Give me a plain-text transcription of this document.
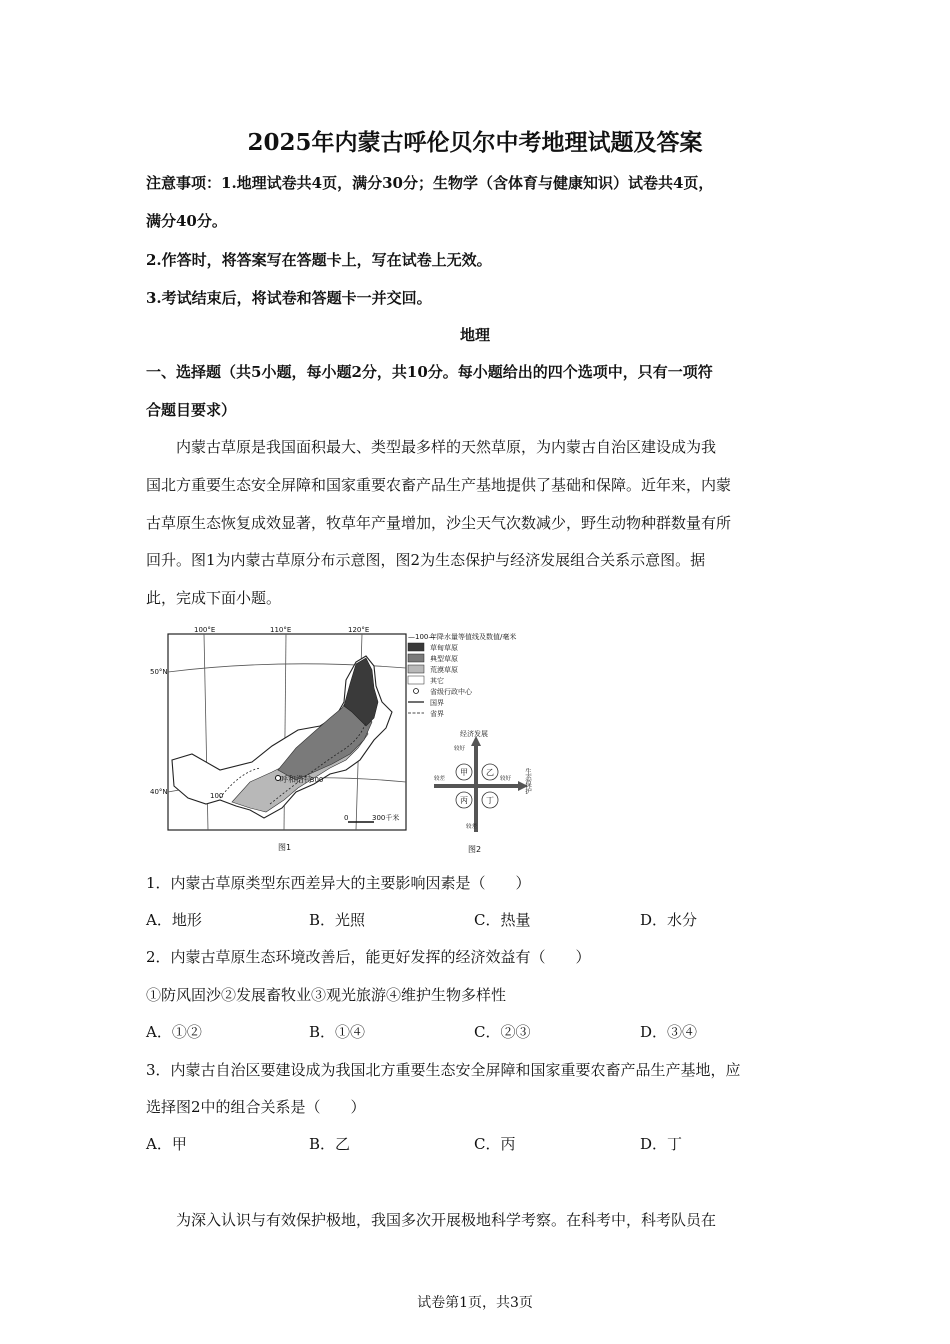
2025年内蒙古呼伦贝尔中考地理试题及答案
注意事项：1.地理试卷共4页，满分30分；生物学（含体育与健康知识）试卷共4页，
满分40分。
2.作答时，将答案写在答题卡上，写在试卷上无效。
3.考试结束后，将试卷和答题卡一并交回。
地理
一、选择题（共5小题，每小题2分，共10分。每小题给出的四个选项中，只有一项符
合题目要求）
内蒙古草原是我国面积最大、类型最多样的天然草原，为内蒙古自治区建设成为我
国北方重要生态安全屏障和国家重要农畜产品生产基地提供了基础和保障。近年来，内蒙
古草原生态恢复成效显著，牧草年产量增加，沙尘天气次数减少，野生动物种群数量有所
回升。图1为内蒙古草原分布示意图，图2为生态保护与经济发展组合关系示意图。据
此，完成下面小题。
呼和浩特
100
300
100°E	110°E	120°E
50°N
40°N
0	300千米
图1
—100—
年降水量等值线及数值/毫米
草甸草原
典型草原
荒漠草原
其它
省级行政中心
国界
省界
经济发展
较好
较差
较差	较好 生态保护
甲 乙
丙 丁
图2
1．内蒙古草原类型东西差异大的主要影响因素是（　　）
A．地形	B．光照	C．热量	D．水分
2．内蒙古草原生态环境改善后，能更好发挥的经济效益有（　　）
①防风固沙②发展畜牧业③观光旅游④维护生物多样性
A．①②	B．①④	C．②③	D．③④
3．内蒙古自治区要建设成为我国北方重要生态安全屏障和国家重要农畜产品生产基地，应
选择图2中的组合关系是（　　）
A．甲	B．乙	C．丙	D．丁
为深入认识与有效保护极地，我国多次开展极地科学考察。在科考中，科考队员在
试卷第1页，共3页
